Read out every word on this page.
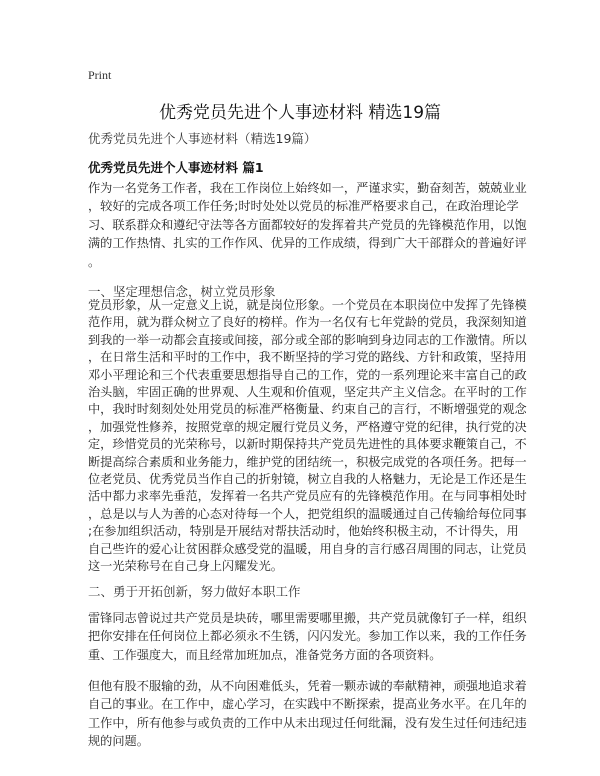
Print
优秀党员先进个人事迹材料 精选19篇
优秀党员先进个人事迹材料（精选19篇）
优秀党员先进个人事迹材料 篇1
作为一名党务工作者，我在工作岗位上始终如一，严谨求实，勤奋刻苦，兢兢业业
，较好的完成各项工作任务;时时处处以党员的标准严格要求自己，在政治理论学
习、联系群众和遵纪守法等各方面都较好的发挥着共产党员的先锋模范作用，以饱
满的工作热情、扎实的工作作风、优异的工作成绩，得到广大干部群众的普遍好评
。
一、坚定理想信念，树立党员形象
党员形象，从一定意义上说，就是岗位形象。一个党员在本职岗位中发挥了先锋模
范作用，就为群众树立了良好的榜样。作为一名仅有七年党龄的党员，我深刻知道
到我的一举一动都会直接或间接，部分或全部的影响到身边同志的工作激情。所以
，在日常生活和平时的工作中，我不断坚持的学习党的路线、方针和政策，坚持用
邓小平理论和三个代表重要思想指导自己的工作，党的一系列理论来丰富自己的政
治头脑，牢固正确的世界观、人生观和价值观，坚定共产主义信念。在平时的工作
中，我时时刻刻处处用党员的标准严格衡量、约束自己的言行，不断增强党的观念
，加强党性修养，按照党章的规定履行党员义务，严格遵守党的纪律，执行党的决
定，珍惜党员的光荣称号，以新时期保持共产党员先进性的具体要求鞭策自己，不
断提高综合素质和业务能力，维护党的团结统一，积极完成党的各项任务。把每一
位老党员、优秀党员当作自己的折射镜，树立自我的人格魅力，无论是工作还是生
活中都力求率先垂范，发挥着一名共产党员应有的先锋模范作用。在与同事相处时
，总是以与人为善的心态对待每一个人，把党组织的温暖通过自己传输给每位同事
;在参加组织活动，特别是开展结对帮扶活动时，他始终积极主动，不计得失，用
自己些许的爱心让贫困群众感受党的温暖，用自身的言行感召周围的同志，让党员
这一光荣称号在自己身上闪耀发光。
二、勇于开拓创新，努力做好本职工作
雷锋同志曾说过共产党员是块砖，哪里需要哪里搬，共产党员就像钉子一样，组织
把你安排在任何岗位上都必须永不生锈，闪闪发光。参加工作以来，我的工作任务
重、工作强度大，而且经常加班加点，准备党务方面的各项资料。
但他有股不服输的劲，从不向困难低头，凭着一颗赤诚的奉献精神，顽强地追求着
自己的事业。在工作中，虚心学习，在实践中不断探索，提高业务水平。在几年的
工作中，所有他参与或负责的工作中从未出现过任何纰漏，没有发生过任何违纪违
规的问题。
